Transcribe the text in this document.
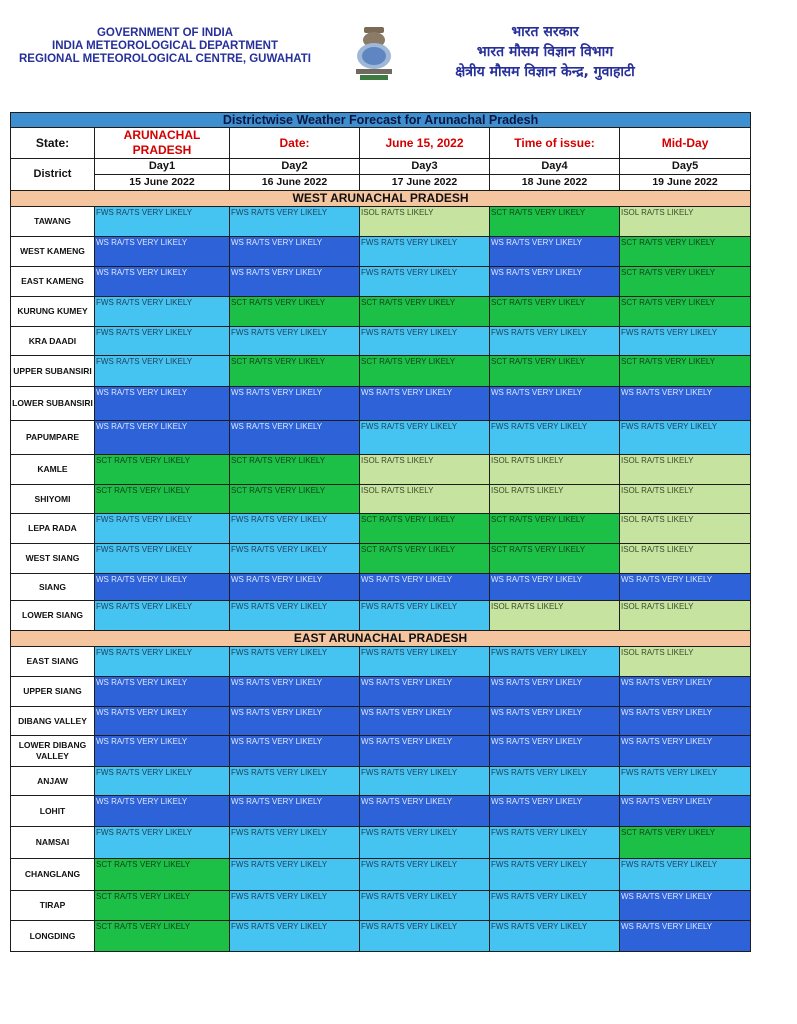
GOVERNMENT OF INDIA
INDIA METEOROLOGICAL DEPARTMENT
REGIONAL METEOROLOGICAL CENTRE, GUWAHATI
भारत सरकार
भारत मौसम विज्ञान विभाग
क्षेत्रीय मौसम विज्ञान केन्द्र, गुवाहाटी
Districtwise Weather Forecast for Arunachal Pradesh					
State:	ARUNACHAL PRADESH	Date:	June 15, 2022	Time of issue:	Mid-Day
District	Day1	Day2	Day3	Day4	Day5
	15 June 2022	16 June 2022	17 June 2022	18 June 2022	19 June 2022
WEST ARUNACHAL PRADESH					
TAWANG	FWS RA/TS VERY LIKELY	FWS RA/TS VERY LIKELY	ISOL RA/TS LIKELY	SCT RA/TS VERY LIKELY	ISOL RA/TS LIKELY
WEST KAMENG	WS RA/TS VERY LIKELY	WS RA/TS VERY LIKELY	FWS RA/TS VERY LIKELY	WS RA/TS VERY LIKELY	SCT RA/TS VERY LIKELY
EAST KAMENG	WS RA/TS VERY LIKELY	WS RA/TS VERY LIKELY	FWS RA/TS VERY LIKELY	WS RA/TS VERY LIKELY	SCT RA/TS VERY LIKELY
KURUNG KUMEY	FWS RA/TS VERY LIKELY	SCT RA/TS VERY LIKELY	SCT RA/TS VERY LIKELY	SCT RA/TS VERY LIKELY	SCT RA/TS VERY LIKELY
KRA DAADI	FWS RA/TS VERY LIKELY	FWS RA/TS VERY LIKELY	FWS RA/TS VERY LIKELY	FWS RA/TS VERY LIKELY	FWS RA/TS VERY LIKELY
UPPER SUBANSIRI	FWS RA/TS VERY LIKELY	SCT RA/TS VERY LIKELY	SCT RA/TS VERY LIKELY	SCT RA/TS VERY LIKELY	SCT RA/TS VERY LIKELY
LOWER SUBANSIRI	WS RA/TS VERY LIKELY	WS RA/TS VERY LIKELY	WS RA/TS VERY LIKELY	WS RA/TS VERY LIKELY	WS RA/TS VERY LIKELY
PAPUMPARE	WS RA/TS VERY LIKELY	WS RA/TS VERY LIKELY	FWS RA/TS VERY LIKELY	FWS RA/TS VERY LIKELY	FWS RA/TS VERY LIKELY
KAMLE	SCT RA/TS VERY LIKELY	SCT RA/TS VERY LIKELY	ISOL RA/TS LIKELY	ISOL RA/TS LIKELY	ISOL RA/TS LIKELY
SHIYOMI	SCT RA/TS VERY LIKELY	SCT RA/TS VERY LIKELY	ISOL RA/TS LIKELY	ISOL RA/TS LIKELY	ISOL RA/TS LIKELY
LEPA RADA	FWS RA/TS VERY LIKELY	FWS RA/TS VERY LIKELY	SCT RA/TS VERY LIKELY	SCT RA/TS VERY LIKELY	ISOL RA/TS LIKELY
WEST SIANG	FWS RA/TS VERY LIKELY	FWS RA/TS VERY LIKELY	SCT RA/TS VERY LIKELY	SCT RA/TS VERY LIKELY	ISOL RA/TS LIKELY
SIANG	WS RA/TS VERY LIKELY	WS RA/TS VERY LIKELY	WS RA/TS VERY LIKELY	WS RA/TS VERY LIKELY	WS RA/TS VERY LIKELY
LOWER SIANG	FWS RA/TS VERY LIKELY	FWS RA/TS VERY LIKELY	FWS RA/TS VERY LIKELY	ISOL RA/TS LIKELY	ISOL RA/TS LIKELY
EAST ARUNACHAL PRADESH					
EAST SIANG	FWS RA/TS VERY LIKELY	FWS RA/TS VERY LIKELY	FWS RA/TS VERY LIKELY	FWS RA/TS VERY LIKELY	ISOL RA/TS LIKELY
UPPER SIANG	WS RA/TS VERY LIKELY	WS RA/TS VERY LIKELY	WS RA/TS VERY LIKELY	WS RA/TS VERY LIKELY	WS RA/TS VERY LIKELY
DIBANG VALLEY	WS RA/TS VERY LIKELY	WS RA/TS VERY LIKELY	WS RA/TS VERY LIKELY	WS RA/TS VERY LIKELY	WS RA/TS VERY LIKELY
LOWER DIBANG VALLEY	WS RA/TS VERY LIKELY	WS RA/TS VERY LIKELY	WS RA/TS VERY LIKELY	WS RA/TS VERY LIKELY	WS RA/TS VERY LIKELY
ANJAW	FWS RA/TS VERY LIKELY	FWS RA/TS VERY LIKELY	FWS RA/TS VERY LIKELY	FWS RA/TS VERY LIKELY	FWS RA/TS VERY LIKELY
LOHIT	WS RA/TS VERY LIKELY	WS RA/TS VERY LIKELY	WS RA/TS VERY LIKELY	WS RA/TS VERY LIKELY	WS RA/TS VERY LIKELY
NAMSAI	FWS RA/TS VERY LIKELY	FWS RA/TS VERY LIKELY	FWS RA/TS VERY LIKELY	FWS RA/TS VERY LIKELY	SCT RA/TS VERY LIKELY
CHANGLANG	SCT RA/TS VERY LIKELY	FWS RA/TS VERY LIKELY	FWS RA/TS VERY LIKELY	FWS RA/TS VERY LIKELY	FWS RA/TS VERY LIKELY
TIRAP	SCT RA/TS VERY LIKELY	FWS RA/TS VERY LIKELY	FWS RA/TS VERY LIKELY	FWS RA/TS VERY LIKELY	WS RA/TS VERY LIKELY
LONGDING	SCT RA/TS VERY LIKELY	FWS RA/TS VERY LIKELY	FWS RA/TS VERY LIKELY	FWS RA/TS VERY LIKELY	WS RA/TS VERY LIKELY
